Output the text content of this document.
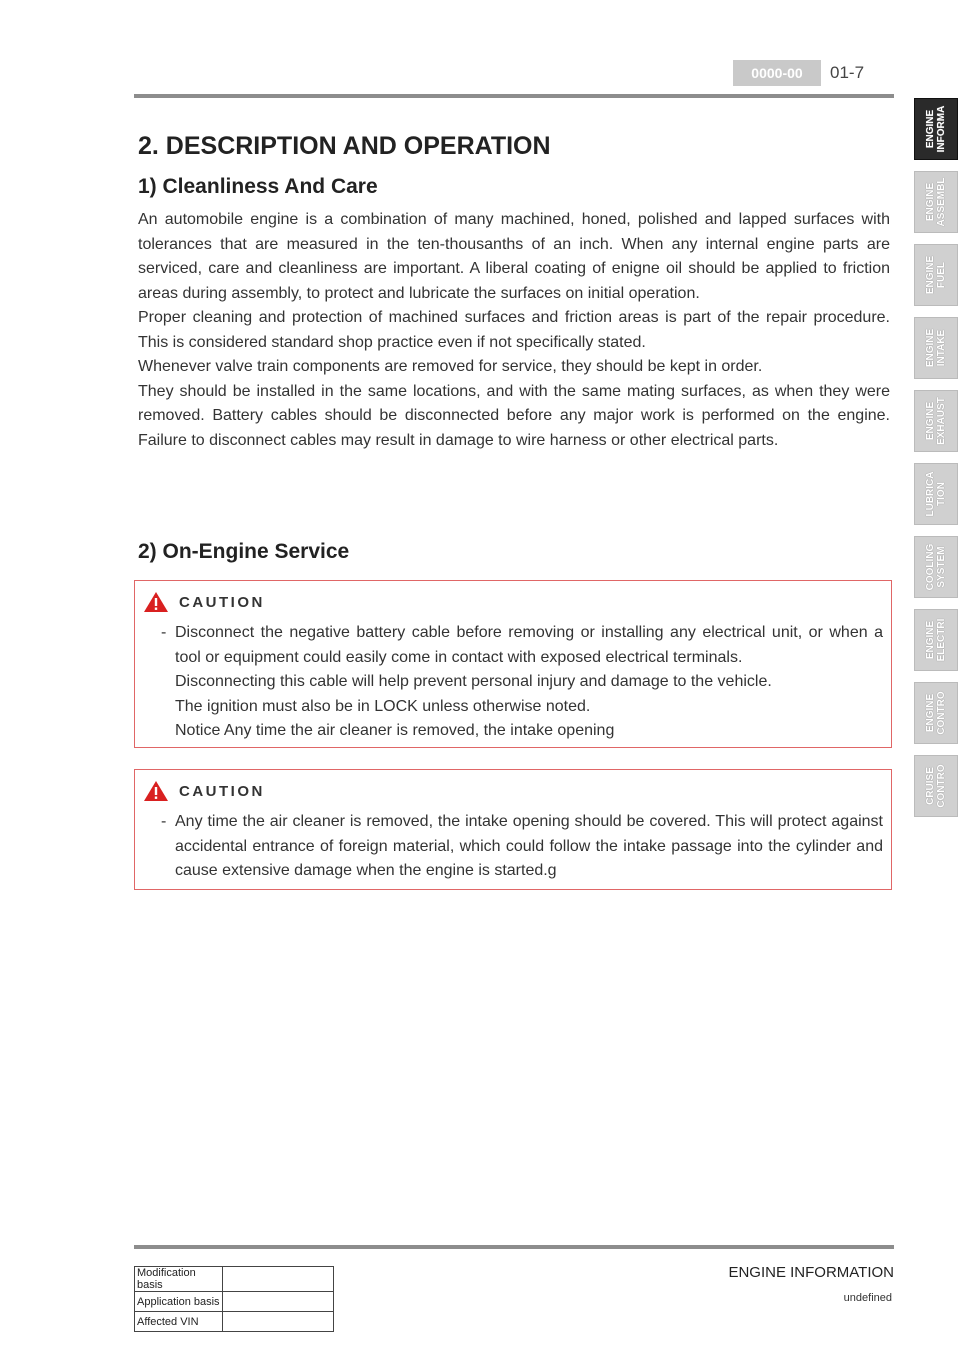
0000-00	01-7
ENGINE
INFORMA
ENGINE
ASSEMBL
ENGINE
FUEL
ENGINE
INTAKE
ENGINE
EXHAUST
LUBRICA
TION
COOLING
SYSTEM
ENGINE
ELECTRI
ENGINE
CONTRO
CRUISE
CONTRO
2. DESCRIPTION AND OPERATION
1) Cleanliness And Care

An automobile engine is a combination of many machined, honed, polished and lapped surfaces with tolerances that are measured in the ten-thousanths of an inch. When any internal engine parts are serviced, care and cleanliness are important. A liberal coating of enigne oil should be applied to friction areas during assembly, to protect and lubricate the surfaces on initial operation.

Proper cleaning and protection of machined surfaces and friction areas is part of the repair procedure. This is considered standard shop practice even if not specifically stated.

Whenever valve train components are removed for service, they should be kept in order.

They should be installed in the same locations, and with the same mating surfaces, as when they were removed. Battery cables should be disconnected before any major work is performed on the engine. Failure to disconnect cables may result in damage to wire harness or other electrical parts.

2) On-Engine Service
CAUTION
- Disconnect the negative battery cable before removing or installing any electrical unit, or when a tool or equipment could easily come in contact with exposed electrical terminals.

Disconnecting this cable will help prevent personal injury and damage to the vehicle.

The ignition must also be in LOCK unless otherwise noted.

Notice Any time the air cleaner is removed, the intake opening

CAUTION
- Any time the air cleaner is removed, the intake opening should be covered. This will protect against accidental entrance of foreign material, which could follow the intake passage into the cylinder and cause extensive damage when the engine is started.g

Modification basis	
Application basis	
Affected VIN	
ENGINE INFORMATION
undefined
